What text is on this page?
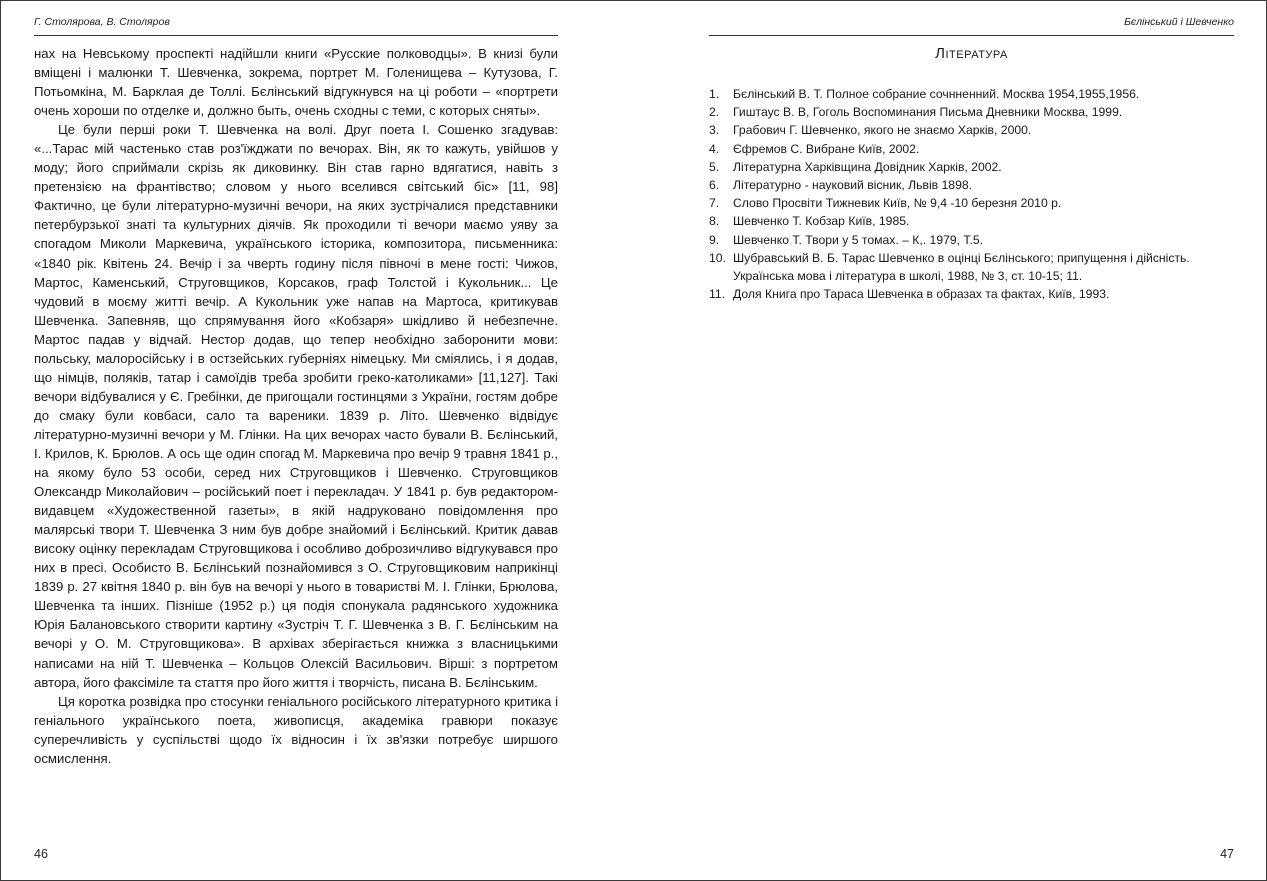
Г. Столярова, В. Столяров

нах на Невському проспекті надійшли книги «Русские полководцы». В книзі були вміщені і малюнки Т. Шевченка, зокрема, портрет М. Голенищева – Кутузова, Г. Потьомкіна, М. Барклая де Толлі. Бєлінський відгукнувся на ці роботи – «портрети очень хороши по отделке и, должно быть, очень сходны с теми, с которых сняты».

Це були перші роки Т. Шевченка на волі. Друг поета І. Сошенко згадував: «...Тарас мій частенько став роз'їжджати по вечорах. Він, як то кажуть, увійшов у моду; його сприймали скрізь як диковинку. Він став гарно вдягатися, навіть з претензією на франтівство; словом у нього вселився світський біс» [11, 98] Фактично, це були літературно-музичні вечори, на яких зустрічалися представники петербурзької знаті та культурних діячів. Як проходили ті вечори маємо уяву за спогадом Миколи Маркевича, українського історика, композитора, письменника: «1840 рік. Квітень 24. Вечір і за чверть годину після півночі в мене гості: Чижов, Мартос, Каменський, Струговщиков, Корсаков, граф Толстой і Кукольник... Це чудовий в моєму житті вечір. А Кукольник уже напав на Мартоса, критикував Шевченка. Запевняв, що спрямування його «Кобзаря» шкідливо й небезпечне. Мартос падав у відчай. Нестор додав, що тепер необхідно заборонити мови: польську, малоросійську і в остзейських губерніях німецьку. Ми сміялись, і я додав, що німців, поляків, татар і самоїдів треба зробити греко-католиками» [11,127]. Такі вечори відбувалися у Є. Гребінки, де пригощали гостинцями з України, гостям добре до смаку були ковбаси, сало та вареники. 1839 р. Літо. Шевченко відвідує літературно-музичні вечори у М. Глінки. На цих вечорах часто бували В. Бєлінський, І. Крилов, К. Брюлов. А ось ще один спогад М. Маркевича про вечір 9 травня 1841 р., на якому було 53 особи, серед них Струговщиков і Шевченко. Струговщиков Олександр Миколайович – російський поет і перекладач. У 1841 р. був редактором-видавцем «Художественной газеты», в якій надруковано повідомлення про малярські твори Т. Шевченка З ним був добре знайомий і Бєлінський. Критик давав високу оцінку перекладам Струговщикова і особливо доброзичливо відгукувався про них в пресі. Особисто В. Бєлінський познайомився з О. Струговщиковим наприкінці 1839 р. 27 квітня 1840 р. він був на вечорі у нього в товаристві М. І. Глінки, Брюлова, Шевченка та інших. Пізніше (1952 р.) ця подія спонукала радянського художника Юрія Балановського створити картину «Зустріч Т. Г. Шевченка з В. Г. Бєлінським на вечорі у О. М. Струговщикова». В архівах зберігається книжка з власницькими написами на ній Т. Шевченка – Кольцов Олексій Васильович. Вірші: з портретом автора, його факсіміле та стаття про його життя і творчість, писана В. Бєлінським.

Ця коротка розвідка про стосунки геніального російського літературного критика і геніального українського поета, живописця, академіка гравюри показує суперечливість у суспільстві щодо їх відносин і їх зв'язки потребує ширшого осмислення.

46
Бєлінський і Шевченко
Література
1.	Бєлінський В. Т. Полное собрание сочнненний. Москва 1954,1955,1956.
2.	Гиштаус В. В, Гоголь Воспоминания Письма Дневники Москва, 1999.
3.	Грабович Г. Шевченко, якого не знаємо Харків, 2000.
4.	Єфремов С. Вибране Київ, 2002.
5.	Літературна Харківщина Довідник Харків, 2002.
6.	Літературно - науковий вісник, Львів 1898.
7.	Слово Просвіти Тижневик Київ, № 9,4 -10 березня 2010 р.
8.	Шевченко Т. Кобзар Київ, 1985.
9.	Шевченко Т. Твори у 5 томах. – К,. 1979, Т.5.
10. Шубравський В. Б. Тарас Шевченко в оцінці Бєлінського; припущення і дійсність. Українська мова і література в школі, 1988, № 3, ст. 10-15; 11.
11. Доля Книга про Тараса Шевченка в образах та фактах, Київ, 1993.
47
